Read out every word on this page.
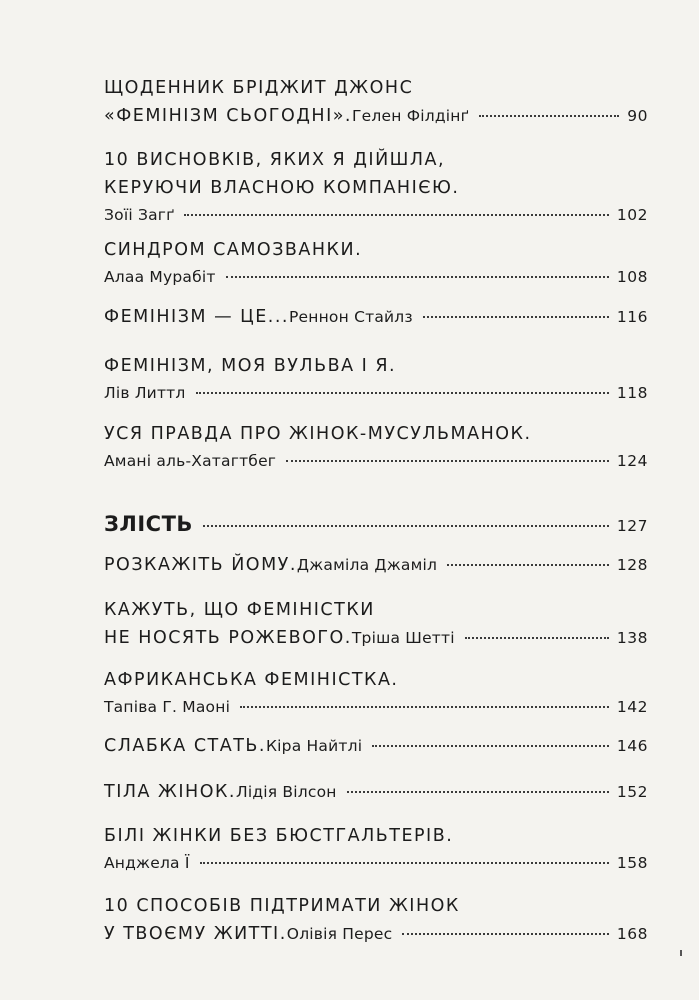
ЩОДЕННИК БРІДЖИТ ДЖОНС
«ФЕМІНІЗМ СЬОГОДНІ». Гелен Філдінґ	90
10 ВИСНОВКІВ, ЯКИХ Я ДІЙШЛА,
КЕРУЮЧИ ВЛАСНОЮ КОМПАНІЄЮ.
Зоїі Загґ	102
СИНДРОМ САМОЗВАНКИ.
Алаа Мурабіт	108
ФЕМІНІЗМ — ЦЕ... Реннон Стайлз	116
ФЕМІНІЗМ, МОЯ ВУЛЬВА І Я.
Лів Литтл	118
УСЯ ПРАВДА ПРО ЖІНОК-МУСУЛЬМАНОК.
Амані аль-Хатагтбег	124
ЗЛІСТЬ	127
РОЗКАЖІТЬ ЙОМУ. Джаміла Джаміл	128
КАЖУТЬ, ЩО ФЕМІНІСТКИ
НЕ НОСЯТЬ РОЖЕВОГО. Тріша Шетті	138
АФРИКАНСЬКА ФЕМІНІСТКА.
Тапіва Г. Маоні	142
СЛАБКА СТАТЬ. Кіра Найтлі	146
ТІЛА ЖІНОК. Лідія Вілсон	152
БІЛІ ЖІНКИ БЕЗ БЮСТГАЛЬТЕРІВ.
Анджела Ї	158
10 СПОСОБІВ ПІДТРИМАТИ ЖІНОК
У ТВОЄМУ ЖИТТІ. Олівія Перес	168
